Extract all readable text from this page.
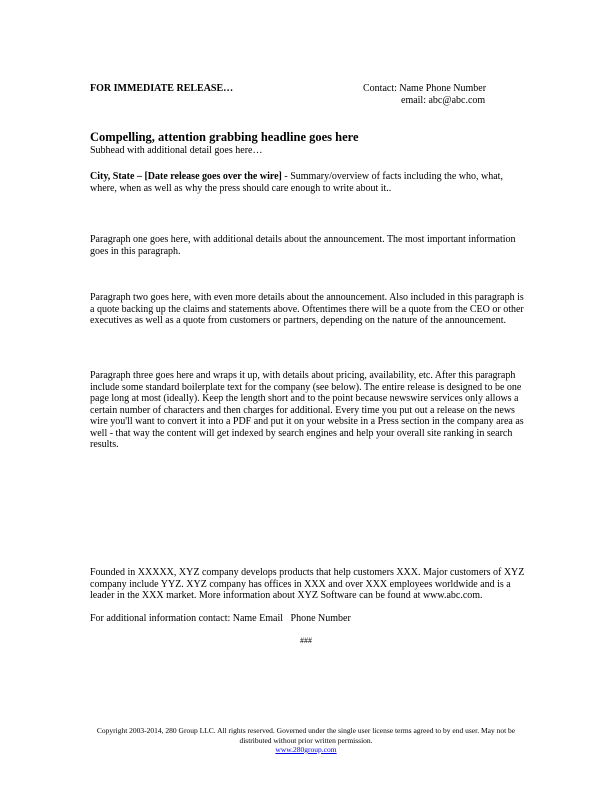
FOR IMMEDIATE RELEASE…	Contact: Name Phone Number
email: abc@abc.com
Compelling, attention grabbing headline goes here
Subhead with additional detail goes here…
City, State – [Date release goes over the wire] - Summary/overview of facts including the who, what, where, when as well as why the press should care enough to write about it..
Paragraph one goes here, with additional details about the announcement. The most important information goes in this paragraph.
Paragraph two goes here, with even more details about the announcement. Also included in this paragraph is a quote backing up the claims and statements above. Oftentimes there will be a quote from the CEO or other executives as well as a quote from customers or partners, depending on the nature of the announcement.
Paragraph three goes here and wraps it up, with details about pricing, availability, etc. After this paragraph include some standard boilerplate text for the company (see below). The entire release is designed to be one page long at most (ideally). Keep the length short and to the point because newswire services only allows a certain number of characters and then charges for additional. Every time you put out a release on the news wire you'll want to convert it into a PDF and put it on your website in a Press section in the company area as well - that way the content will get indexed by search engines and help your overall site ranking in search results.
Founded in XXXXX, XYZ company develops products that help customers XXX. Major customers of XYZ company include YYZ. XYZ company has offices in XXX and over XXX employees worldwide and is a leader in the XXX market. More information about XYZ Software can be found at www.abc.com.
For additional information contact: Name Email   Phone Number
###
Copyright 2003-2014, 280 Group LLC. All rights reserved. Governed under the single user license terms agreed to by end user. May not be distributed without prior written permission.
www.280group.com
